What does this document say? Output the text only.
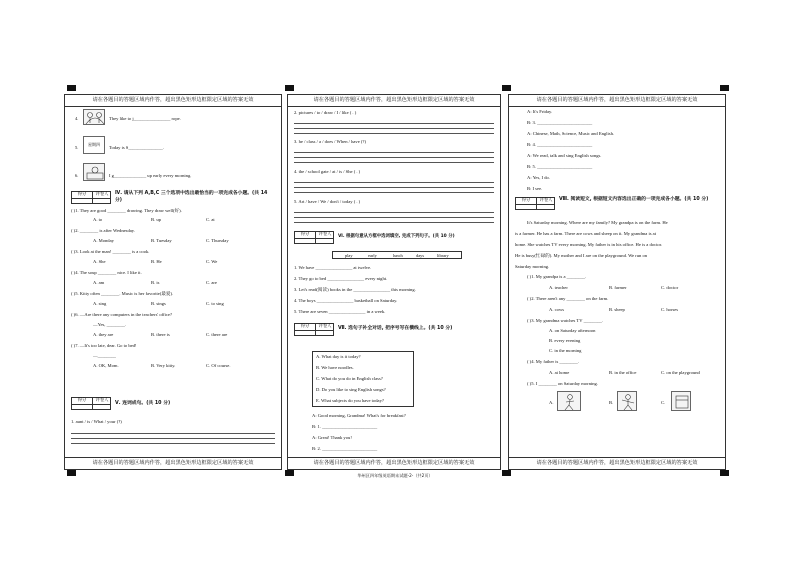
请在各题目的答题区域内作答，超出黑色矩形边框限定区域的答案无效
4.	They like to j________________ rope.
5.
星期四
Today is S_______________.
6.	I g______________ up early every morning.
得分	评卷人	Ⅳ. 请从下列 A,B,C 三个选项中选出最恰当的一项完成各小题。(共 14 分)
( )1. They are good ________ drawing. They draw well(好).
A. to	B. up	C. at
( )2. ________ is after Wednesday.
A. Monday	B. Tuesday	C. Thursday
( )3. Look at the man! ________ is a cook.
A. She	B. He	C. We
( )4. The soup ________ nice. I like it.
A. am	B. is	C. are
( )5. Kitty often ________. Music is her favorite(最爱).
A. sing	B. sings	C. to sing
( )6. —Are there any computers in the teachers' office?
—Yes, ________.
A. they are	B. there is	C. there are
( )7. —It's too late, dear. Go to bed!
—________
A. OK, Mom.	B. Very kitty.	C. Of course.
得分	评卷人
Ⅴ. 连词成句。(共 10 分)
1. aunt / is / What / your (?)
请在各题目的答题区域内作答，超出黑色矩形边框限定区域的答案无效
请在各题目的答题区域内作答，超出黑色矩形边框限定区域的答案无效
2. pictures / to / draw / I / like ( . )
3. he / class / a / does / When / have (?)
4. the / school gate / at / is / She ( . )
5. Art / have / We / don't / today ( . )
得分	评卷人	Ⅵ. 根据句意从方框中选词填空, 完成下列句子。(共 10 分)
play	early	lunch	days	library
1. We have ________________ at twelve.
2. They go to bed ________________ every night.
3. Let's read(阅读) books in the ________________ this morning.
4. The boys ________________ basketball on Saturday.
5. There are seven ________________ in a week.
得分	评卷人	Ⅶ. 选句子补全对话, 把序号写在横线上。(共 10 分)
A. What day is it today?
B. We have noodles.
C. What do you do in English class?
D. Do you like to sing English songs?
E. What subjects do you have today?
A: Good morning, Grandma! What's for breakfast?
B: 1. ________________________
A: Great! Thank you!
B: 2. ________________________
请在各题目的答题区域内作答，超出黑色矩形边框限定区域的答案无效
请在各题目的答题区域内作答，超出黑色矩形边框限定区域的答案无效
A: It's Friday.
B: 3. ________________________
A: Chinese, Math, Science, Music and English.
B: 4. ________________________
A: We read, talk and sing English songs.
B: 5. ________________________
A: Yes, I do.
B: I see.
得分	评卷人	Ⅷ. 阅读短文, 根据短文内容选出正确的一项完成各小题。(共 10 分)
It's Saturday morning. Where are my family? My grandpa is on the farm. He
is a farmer. He has a farm. There are cows and sheep on it. My grandma is at
home. She watches TV every morning. My father is in his office. He is a doctor.
He is busy(忙碌的). My mother and I are on the playground. We run on
Saturday morning.
( )1. My grandpa is a ________.
A. teacher	B. farmer	C. doctor
( )2. There aren't any ________ on the farm.
A. cows	B. sheep	C. horses
( )3. My grandma watches TV ________.
A. on Saturday afternoon
B. every evening
C. in the morning
( )4. My father is ________.
A. at home	B. in the office	C. on the playground
( )5. I ________ on Saturday morning.
A.	B.	C.
请在各题目的答题区域内作答，超出黑色矩形边框限定区域的答案无效
华州区四年级英语期末试题-2-（共2页）
